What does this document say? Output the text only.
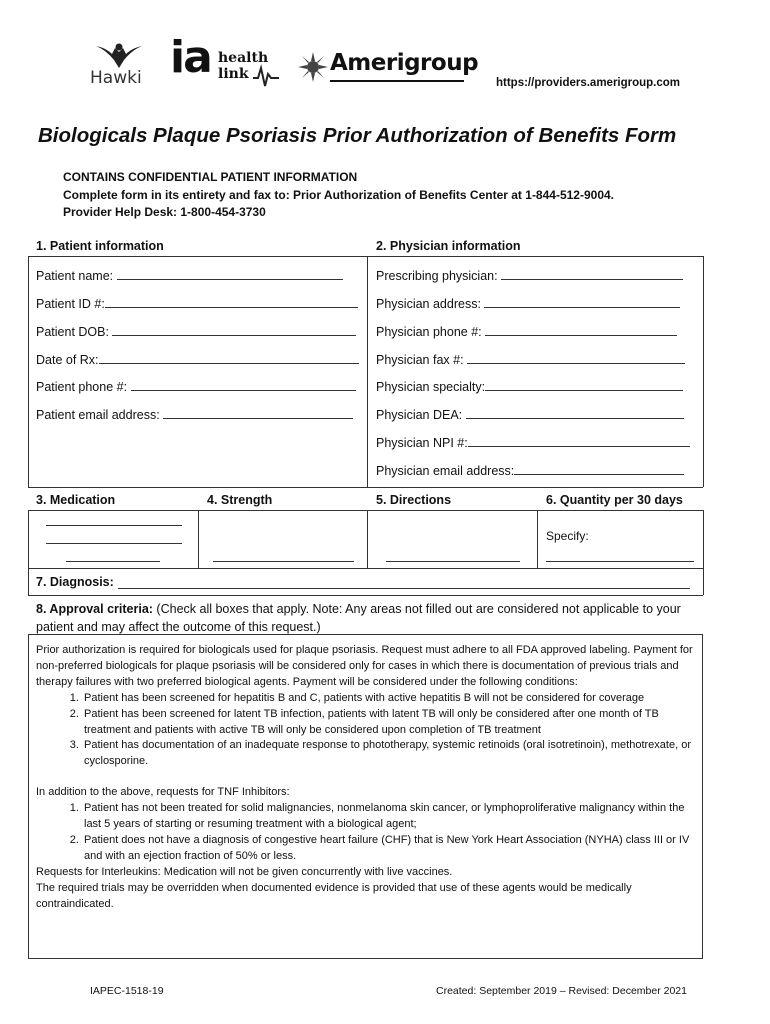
Hawki ia health
link	Amerigroup
https://providers.amerigroup.com
Biologicals Plaque Psoriasis Prior Authorization of Benefits Form
CONTAINS CONFIDENTIAL PATIENT INFORMATION
Complete form in its entirety and fax to: Prior Authorization of Benefits Center at 1-844-512-9004.
Provider Help Desk: 1-800-454-3730
1. Patient information	2. Physician information
Patient name:
Patient ID #:
Patient DOB:
Date of Rx:
Patient phone #:
Patient email address:
Prescribing physician:
Physician address:
Physician phone #:
Physician fax #:
Physician specialty:
Physician DEA:
Physician NPI #:
Physician email address:
3. Medication	4. Strength	5. Directions	6. Quantity per 30 days
Specify:
7. Diagnosis:
8. Approval criteria: (Check all boxes that apply. Note: Any areas not filled out are considered not applicable to your
patient and may affect the outcome of this request.)

Prior authorization is required for biologicals used for plaque psoriasis. Request must adhere to all FDA approved labeling. Payment for non-preferred biologicals for plaque psoriasis will be considered only for cases in which there is documentation of previous trials and therapy failures with two preferred biological agents. Payment will be considered under the following conditions:

1. Patient has been screened for hepatitis B and C, patients with active hepatitis B will not be considered for coverage
2. Patient has been screened for latent TB infection, patients with latent TB will only be considered after one month of TB treatment and patients with active TB will only be considered upon completion of TB treatment
3. Patient has documentation of an inadequate response to phototherapy, systemic retinoids (oral isotretinoin), methotrexate, or cyclosporine.

In addition to the above, requests for TNF Inhibitors:

1. Patient has not been treated for solid malignancies, nonmelanoma skin cancer, or lymphoproliferative malignancy within the last 5 years of starting or resuming treatment with a biological agent;
2. Patient does not have a diagnosis of congestive heart failure (CHF) that is New York Heart Association (NYHA) class III or IV and with an ejection fraction of 50% or less.

Requests for Interleukins: Medication will not be given concurrently with live vaccines.

The required trials may be overridden when documented evidence is provided that use of these agents would be medically contraindicated.

IAPEC-1518-19	Created: September 2019 – Revised: December 2021
